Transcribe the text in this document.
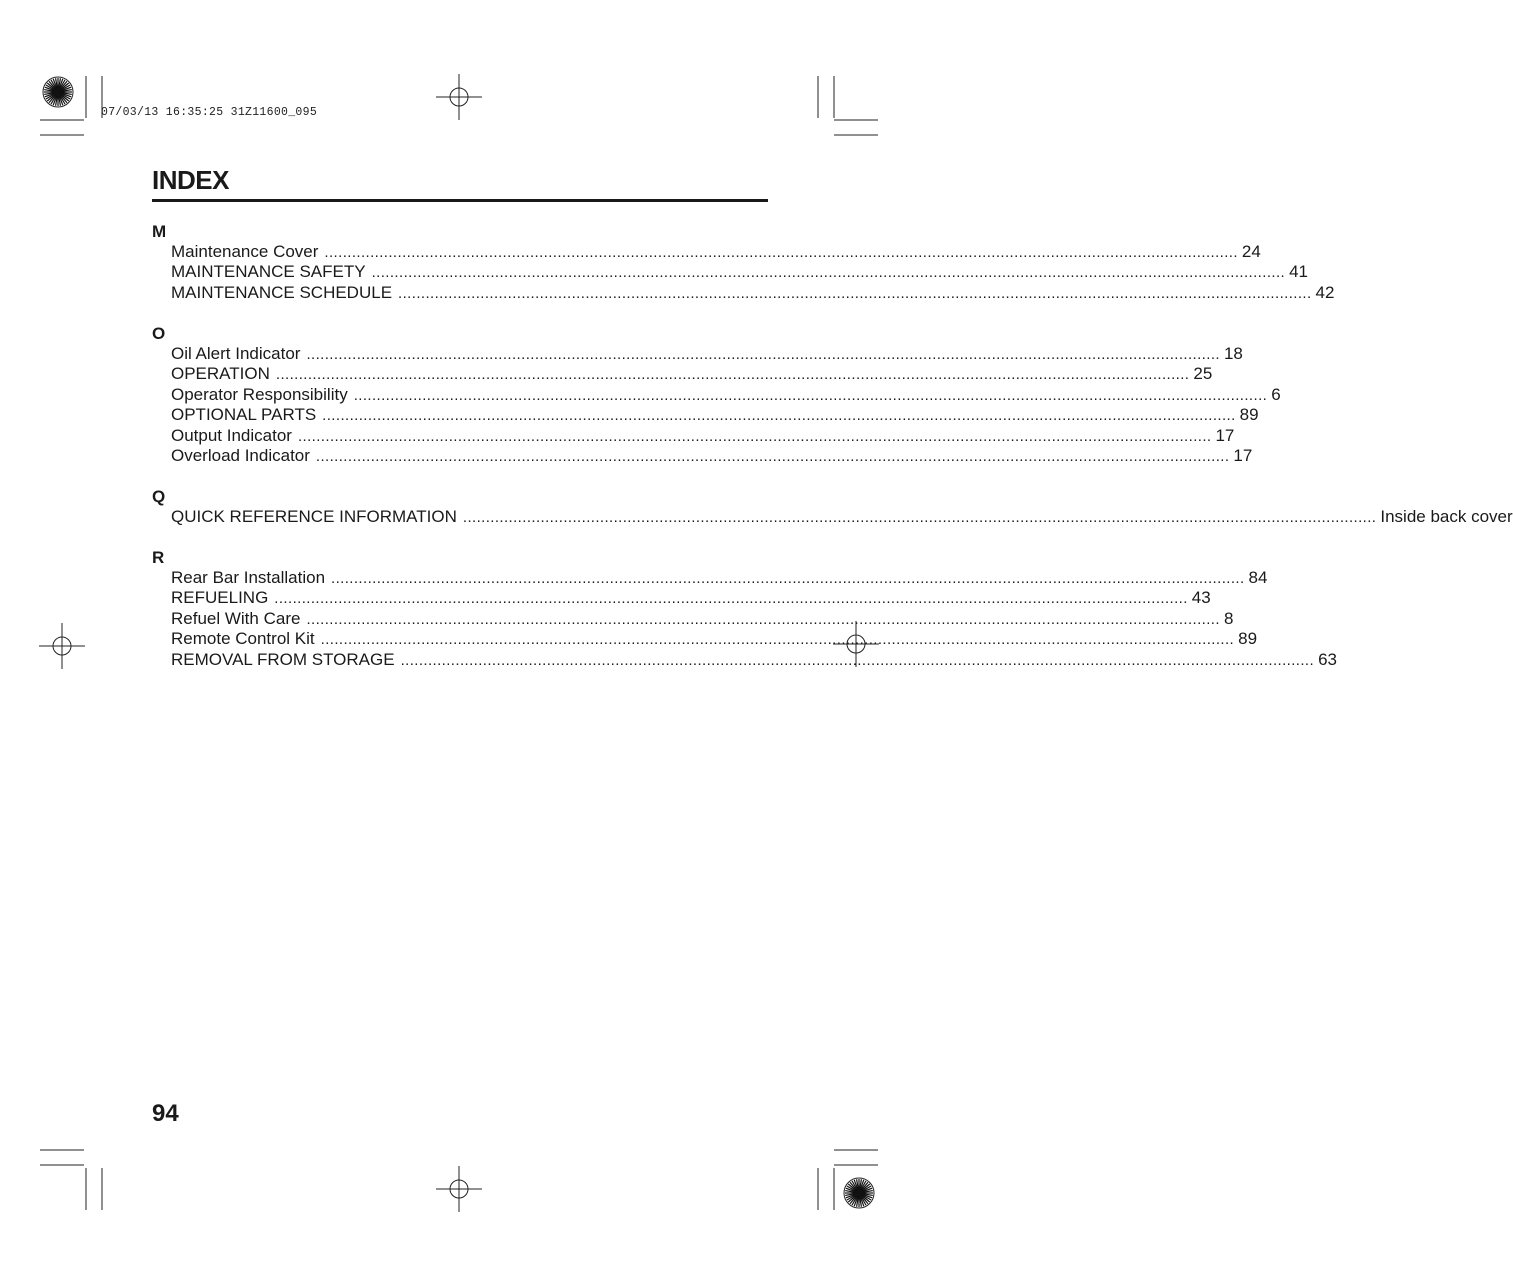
07/03/13 16:35:25 31Z11600_095
INDEX
M
Maintenance Cover ........................................................................................................................................................................................................ 24
MAINTENANCE SAFETY ........................................................................................................................................................................................................ 41
MAINTENANCE SCHEDULE ........................................................................................................................................................................................................ 42
O
Oil Alert Indicator ........................................................................................................................................................................................................ 18
OPERATION ........................................................................................................................................................................................................ 25
Operator Responsibility ........................................................................................................................................................................................................ 6
OPTIONAL PARTS ........................................................................................................................................................................................................ 89
Output Indicator ........................................................................................................................................................................................................ 17
Overload Indicator ........................................................................................................................................................................................................ 17
Q
QUICK REFERENCE INFORMATION ........................................................................................................................................................................................................ Inside back cover
R
Rear Bar Installation ........................................................................................................................................................................................................ 84
REFUELING ........................................................................................................................................................................................................ 43
Refuel With Care ........................................................................................................................................................................................................ 8
Remote Control Kit ........................................................................................................................................................................................................ 89
REMOVAL FROM STORAGE ........................................................................................................................................................................................................ 63
94
